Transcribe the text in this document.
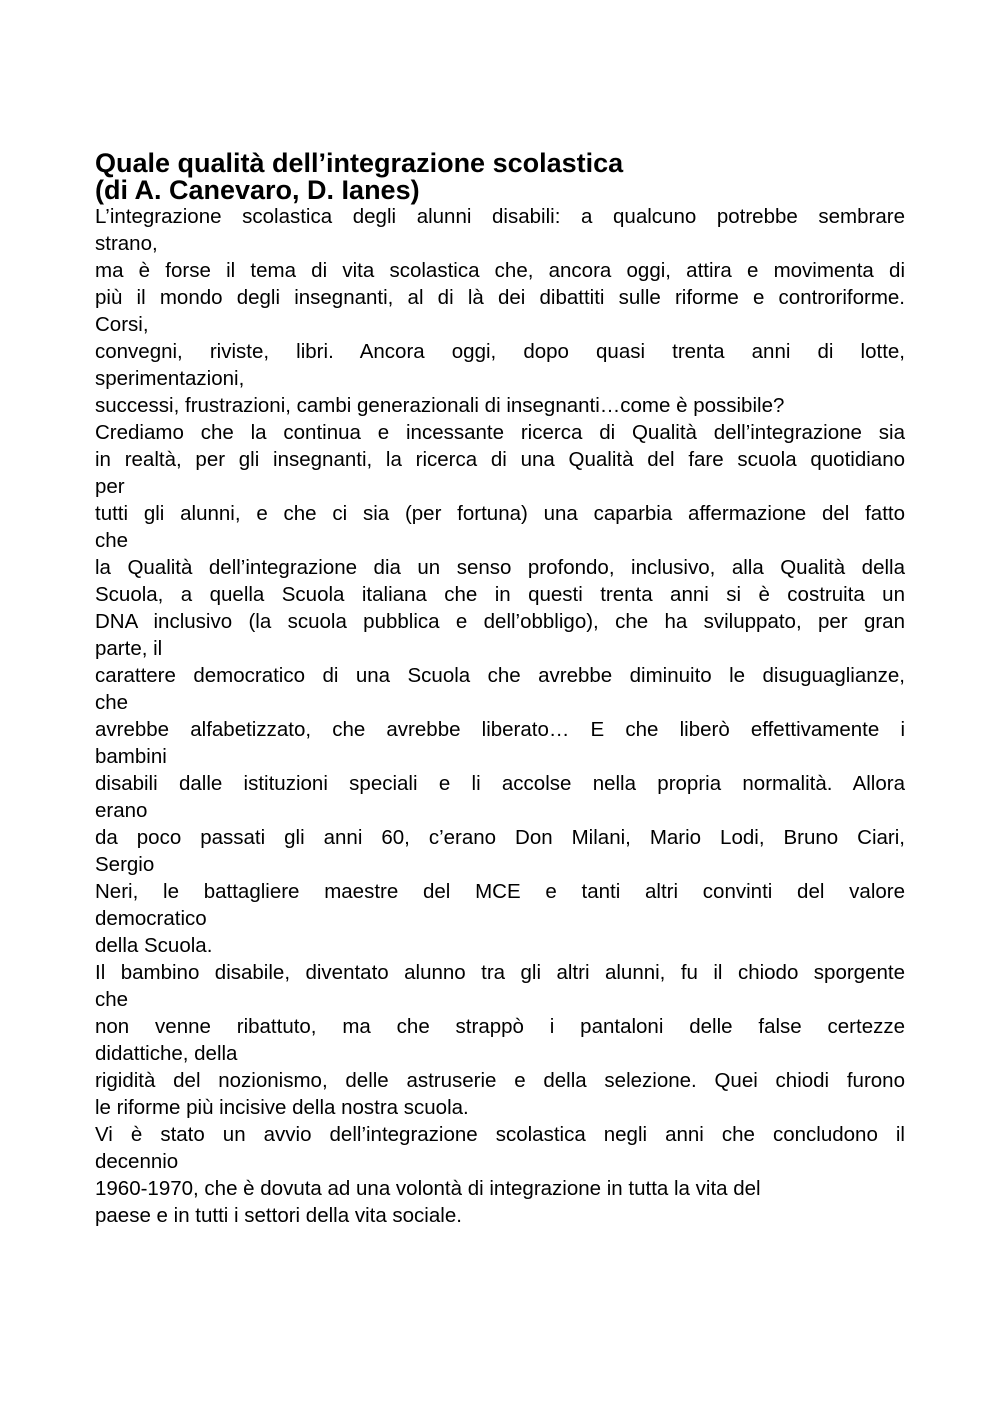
Quale qualità dell’integrazione scolastica
(di A. Canevaro, D. Ianes)
L’integrazione scolastica degli alunni disabili: a qualcuno potrebbe sembrare
strano,
ma è forse il tema di vita scolastica che, ancora oggi, attira e movimenta di
più il mondo degli insegnanti, al di là dei dibattiti sulle riforme e controriforme.
Corsi,
convegni, riviste, libri. Ancora oggi, dopo quasi trenta anni di lotte,
sperimentazioni,
successi, frustrazioni, cambi generazionali di insegnanti…come è possibile?
Crediamo che la continua e incessante ricerca di Qualità dell’integrazione sia
in realtà, per gli insegnanti, la ricerca di una Qualità del fare scuola quotidiano
per
tutti gli alunni, e che ci sia (per fortuna) una caparbia affermazione del fatto
che
la Qualità dell’integrazione dia un senso profondo, inclusivo, alla Qualità della
Scuola, a quella Scuola italiana che in questi trenta anni si è costruita un
DNA inclusivo (la scuola pubblica e dell’obbligo), che ha sviluppato, per gran
parte, il
carattere democratico di una Scuola che avrebbe diminuito le disuguaglianze,
che
avrebbe alfabetizzato, che avrebbe liberato… E che liberò effettivamente i
bambini
disabili dalle istituzioni speciali e li accolse nella propria normalità. Allora
erano
da poco passati gli anni 60, c’erano Don Milani, Mario Lodi, Bruno Ciari,
Sergio
Neri, le battagliere maestre del MCE e tanti altri convinti del valore
democratico
della Scuola.
Il bambino disabile, diventato alunno tra gli altri alunni, fu il chiodo sporgente
che
non venne ribattuto, ma che strappò i pantaloni delle false certezze
didattiche, della
rigidità del nozionismo, delle astruserie e della selezione. Quei chiodi furono
le riforme più incisive della nostra scuola.
Vi è stato un avvio dell’integrazione scolastica negli anni che concludono il
decennio
1960-1970, che è dovuta ad una volontà di integrazione in tutta la vita del
paese e in tutti i settori della vita sociale.
